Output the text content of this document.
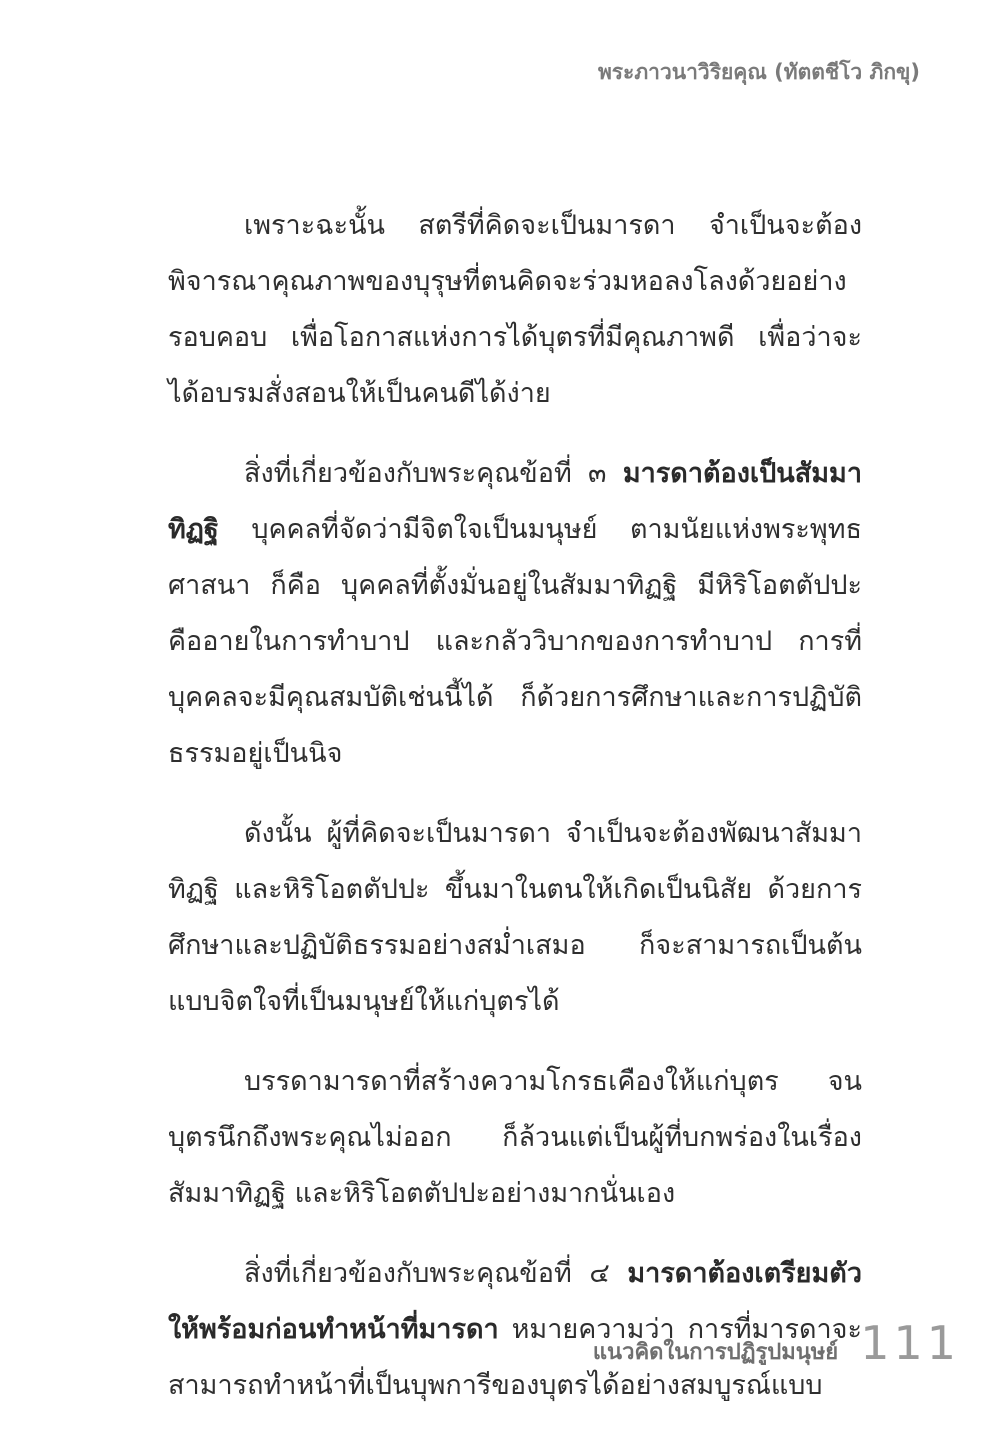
พระภาวนาวิริยคุณ (ทัตตชีโว ภิกขุ)

เพราะฉะนั้น สตรีที่คิดจะเป็นมารดา จำเป็นจะต้องพิจารณาคุณภาพของบุรุษที่ตนคิดจะร่วมหอลงโลงด้วยอย่างรอบคอบ เพื่อโอกาสแห่งการได้บุตรที่มีคุณภาพดี เพื่อว่าจะได้อบรมสั่งสอนให้เป็นคนดีได้ง่าย

สิ่งที่เกี่ยวข้องกับพระคุณข้อที่ ๓ มารดาต้องเป็นสัมมาทิฏฐิ บุคคลที่จัดว่ามีจิตใจเป็นมนุษย์ ตามนัยแห่งพระพุทธศาสนา ก็คือ บุคคลที่ตั้งมั่นอยู่ในสัมมาทิฏฐิ มีหิริโอตตัปปะ คืออายในการทำบาป และกลัววิบากของการทำบาป การที่บุคคลจะมีคุณสมบัติเช่นนี้ได้ ก็ด้วยการศึกษาและการปฏิบัติธรรมอยู่เป็นนิจ

ดังนั้น ผู้ที่คิดจะเป็นมารดา จำเป็นจะต้องพัฒนาสัมมาทิฏฐิ และหิริโอตตัปปะ ขึ้นมาในตนให้เกิดเป็นนิสัย ด้วยการศึกษาและปฏิบัติธรรมอย่างสม่ำเสมอ ก็จะสามารถเป็นต้นแบบจิตใจที่เป็นมนุษย์ให้แก่บุตรได้

บรรดามารดาที่สร้างความโกรธเคืองให้แก่บุตร จนบุตรนึกถึงพระคุณไม่ออก ก็ล้วนแต่เป็นผู้ที่บกพร่องในเรื่องสัมมาทิฏฐิ และหิริโอตตัปปะอย่างมากนั่นเอง

สิ่งที่เกี่ยวข้องกับพระคุณข้อที่ ๔ มารดาต้องเตรียมตัวให้พร้อมก่อนทำหน้าที่มารดา หมายความว่า การที่มารดาจะสามารถทำหน้าที่เป็นบุพการีของบุตรได้อย่างสมบูรณ์แบบ

แนวคิดในการปฏิรูปมนุษย์ 111
